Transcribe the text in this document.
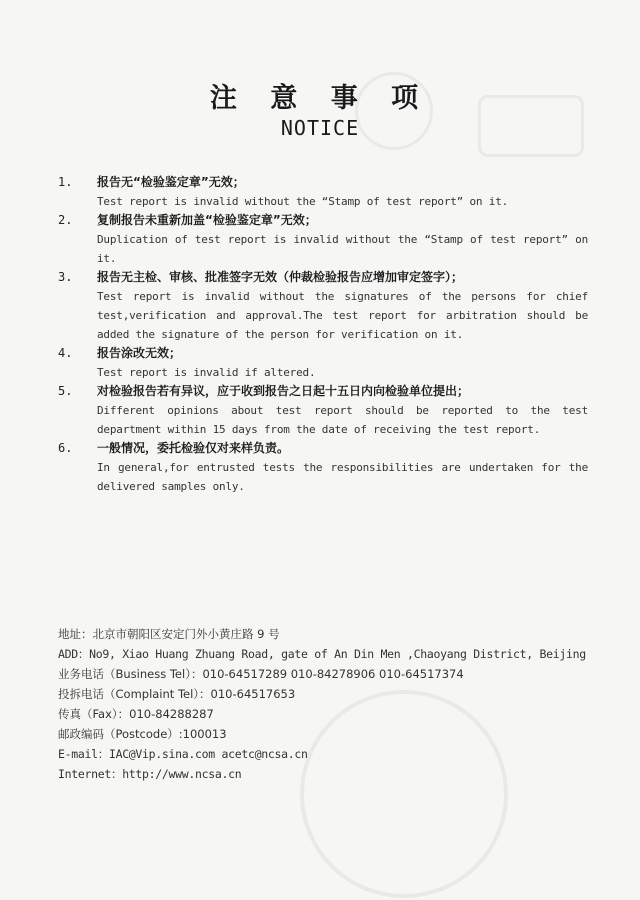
注 意 事 项
NOTICE
1.	报告无“检验鉴定章”无效；
Test report is invalid without the “Stamp of test report” on it.
2.	复制报告未重新加盖“检验鉴定章”无效；
Duplication of test report is invalid without the “Stamp of test report” on it.
3.	报告无主检、审核、批准签字无效（仲裁检验报告应增加审定签字）；
Test report is invalid without the signatures of the persons for chief test,verification and approval.The test report for arbitration should be added the signature of the person for verification on it.
4.	报告涂改无效；
Test report is invalid if altered.
5.	对检验报告若有异议，应于收到报告之日起十五日内向检验单位提出；
Different opinions about test report should be reported to the test department within 15 days from the date of receiving the test report.
6.	一般情况，委托检验仅对来样负责。
In general,for entrusted tests the responsibilities are undertaken for the delivered samples only.
地址：北京市朝阳区安定门外小黄庄路 9 号
ADD：No9, Xiao Huang Zhuang Road, gate of An Din Men ,Chaoyang District, Beijing
业务电话（Business Tel）：010-64517289 010-84278906 010-64517374
投拆电话（Complaint Tel）：010-64517653
传真（Fax）：010-84288287
邮政编码（Postcode）:100013
E-mail：IAC@Vip.sina.com acetc@ncsa.cn
Internet：http://www.ncsa.cn
